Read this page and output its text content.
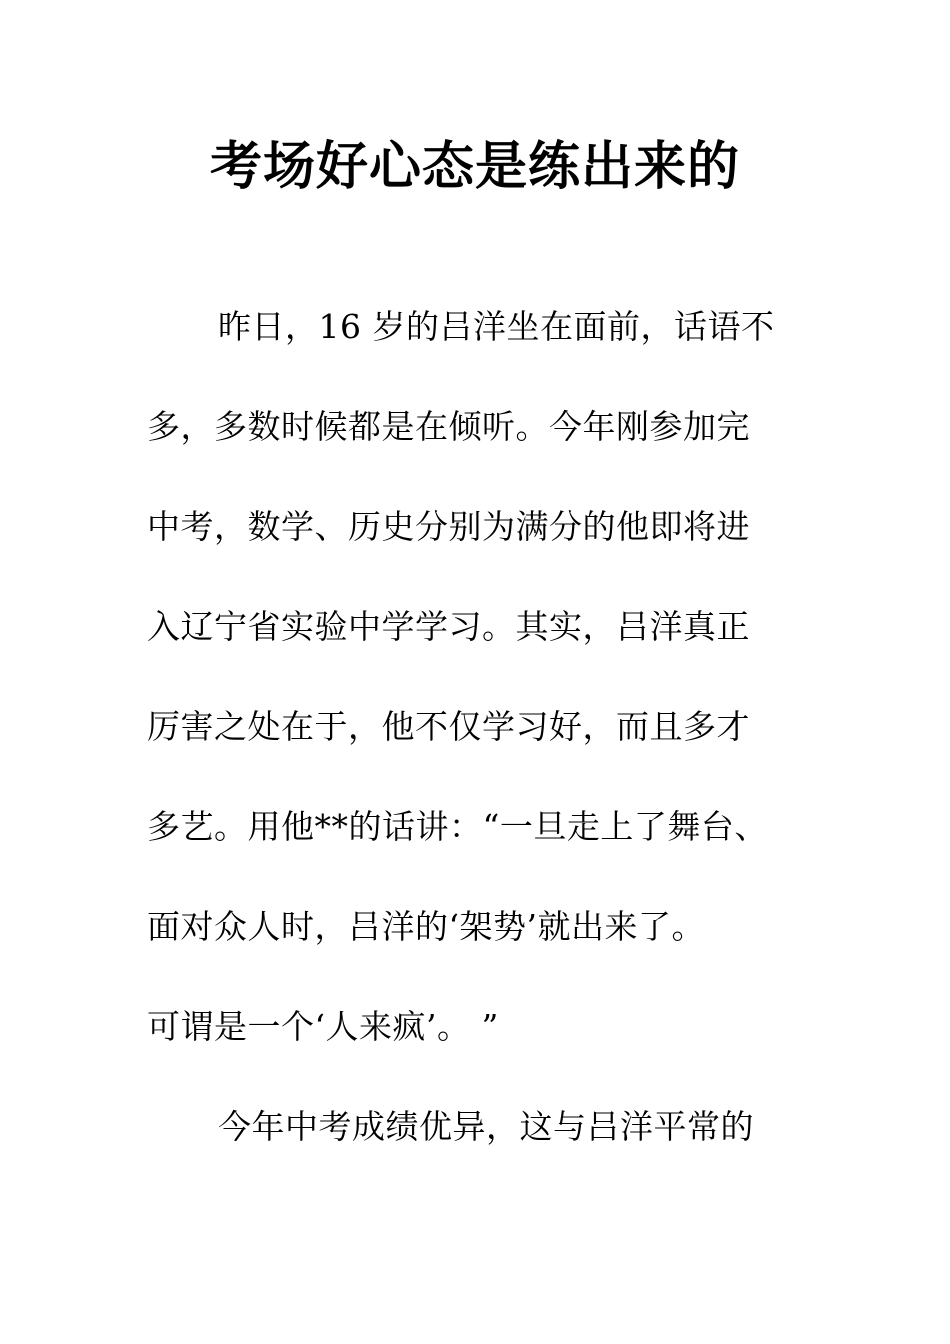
考场好心态是练出来的
昨日，16 岁的吕洋坐在面前，话语不
多，多数时候都是在倾听。今年刚参加完
中考，数学、历史分别为满分的他即将进
入辽宁省实验中学学习。其实，吕洋真正
厉害之处在于，他不仅学习好，而且多才
多艺。用他**的话讲：“一旦走上了舞台、
面对众人时，吕洋的‘架势’就出来了。
可谓是一个‘人来疯’。 ”
今年中考成绩优异，这与吕洋平常的
